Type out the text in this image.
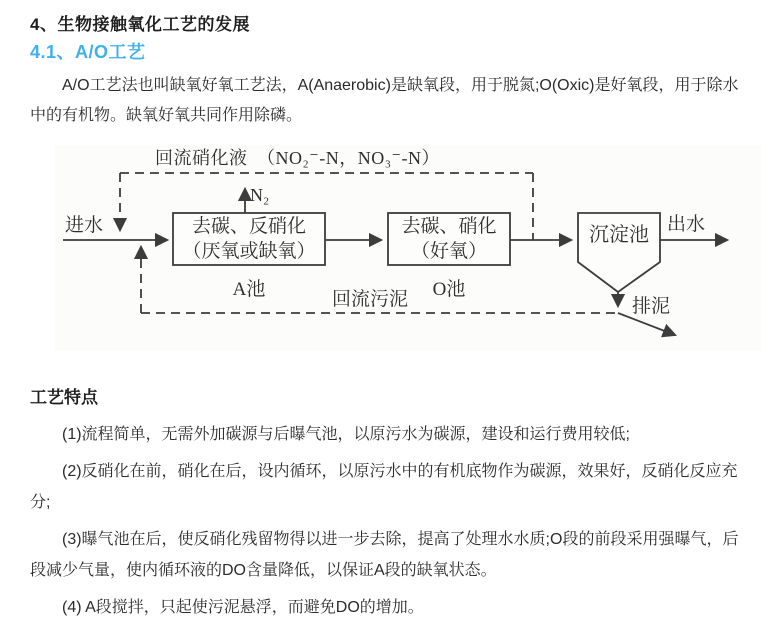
4、生物接触氧化工艺的发展
4.1、A/O工艺

A/O工艺法也叫缺氧好氧工艺法，A(Anaerobic)是缺氧段，用于脱氮;O(Oxic)是好氧段，用于除水中的有机物。缺氧好氧共同作用除磷。

回流硝化液　（NO₂⁻-N，NO₃⁻-N）
进水
N₂
去碳、反硝化
（厌氧或缺氧）
A池
去碳、硝化
（好氧）
O池
沉淀池 出水
回流污泥	排泥
工艺特点

(1)流程简单，无需外加碳源与后曝气池，以原污水为碳源，建设和运行费用较低;

(2)反硝化在前，硝化在后，设内循环，以原污水中的有机底物作为碳源，效果好，反硝化反应充分;

(3)曝气池在后，使反硝化残留物得以进一步去除，提高了处理水水质;O段的前段采用强曝气，后段减少气量，使内循环液的DO含量降低，以保证A段的缺氧状态。

(4) A段搅拌，只起使污泥悬浮，而避免DO的增加。
